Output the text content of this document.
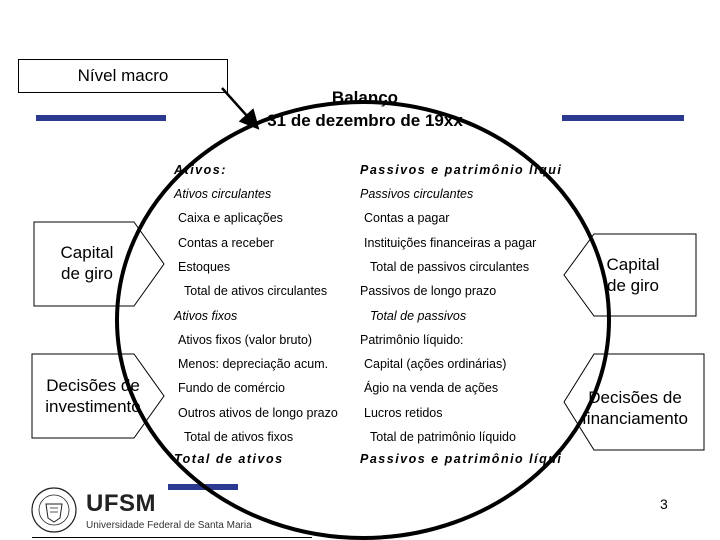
Nível macro
Ativos:
Ativos circulantes
Caixa e aplicações
Contas a receber
Estoques
Total de ativos circulantes
Ativos fixos
Ativos fixos (valor bruto)
Menos: depreciação acum.
Fundo de comércio
Outros ativos de longo prazo
Total de ativos fixos
Total de ativos
Passivos e patrimônio líqui
Passivos circulantes
Contas a pagar
Instituições financeiras a pagar
Total de passivos circulantes
Passivos de longo prazo
Total de passivos
Patrimônio líquido:
Capital (ações ordinárias)
Ágio na venda de ações
Lucros retidos
Total de patrimônio líquido
Passivos e patrimônio líqui
Balanço
31 de dezembro de 19xx
Capital
de giro
Decisões de
investimento
Capital
de giro
Decisões de
financiamento
UFSM
Universidade Federal de Santa Maria
3
